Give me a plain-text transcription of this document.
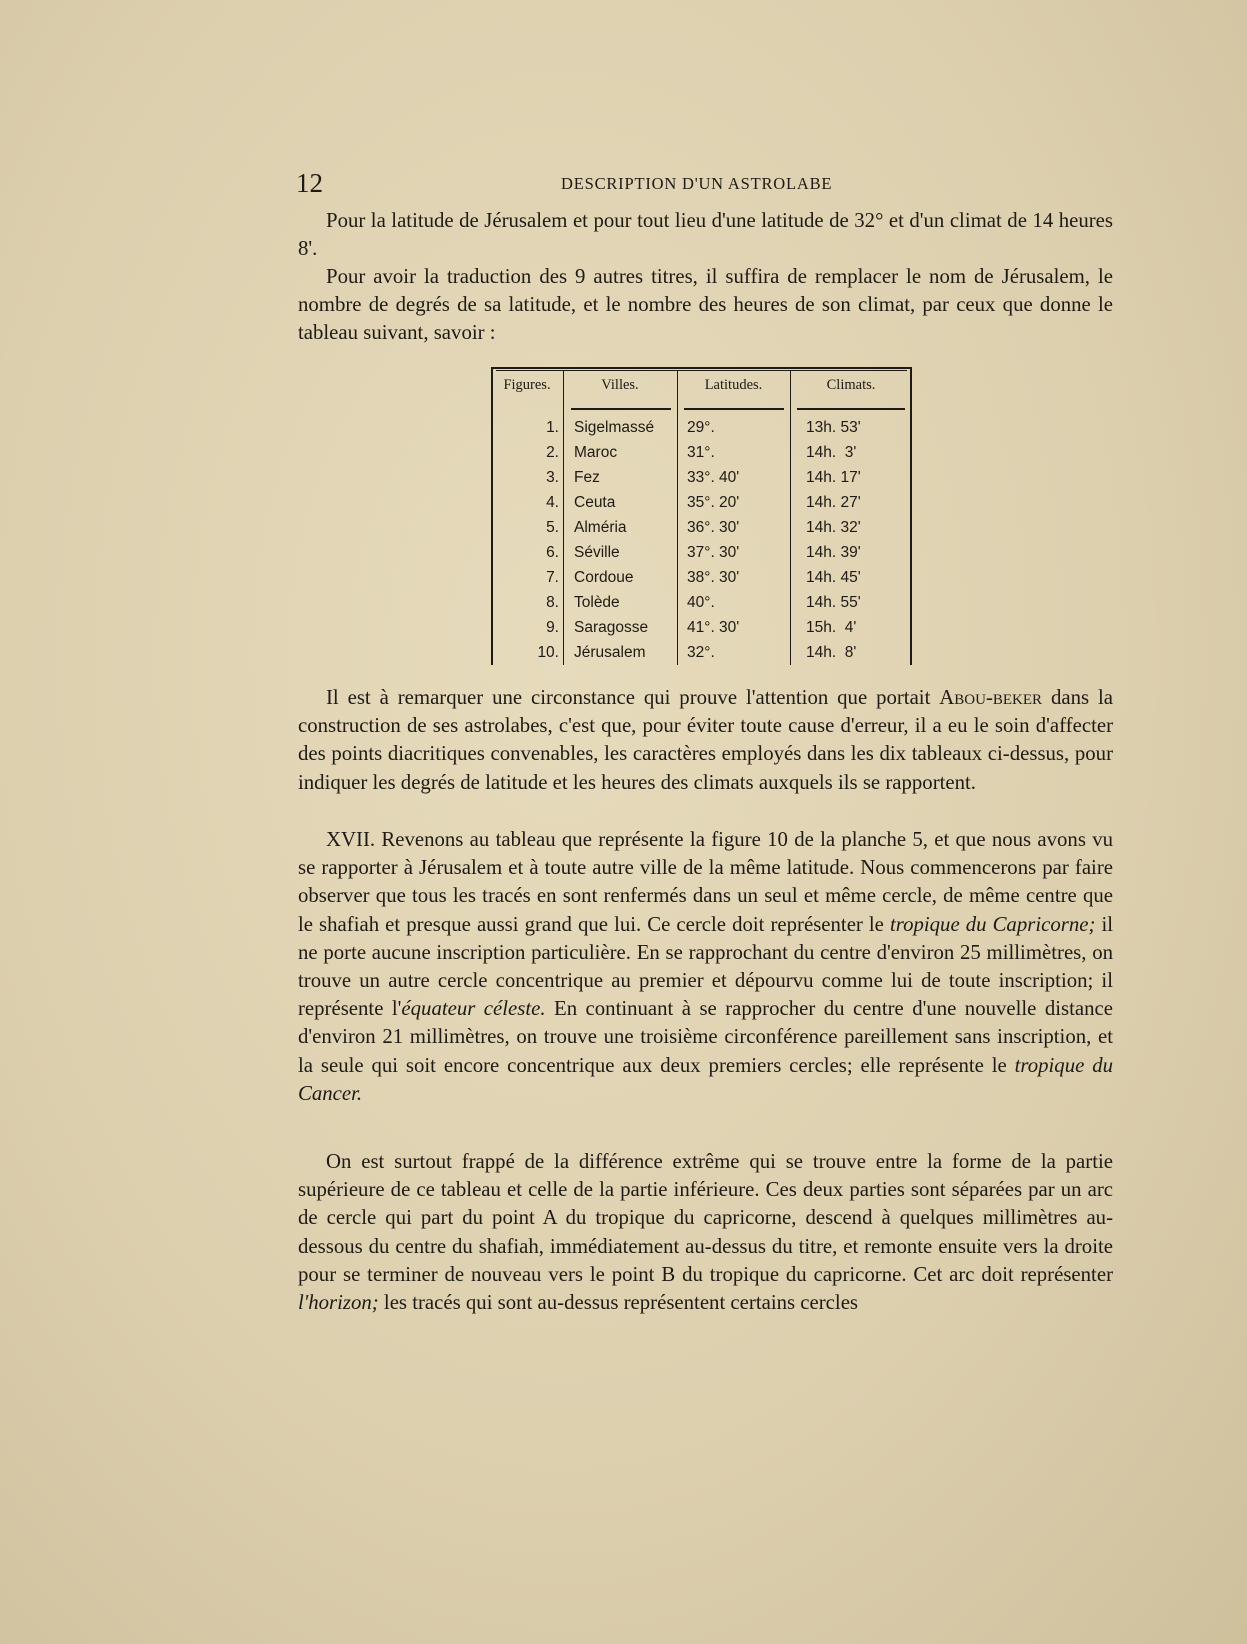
12	DESCRIPTION D'UN ASTROLABE

Pour la latitude de Jérusalem et pour tout lieu d'une latitude de 32° et d'un climat de 14 heures 8'.

Pour avoir la traduction des 9 autres titres, il suffira de remplacer le nom de Jérusalem, le nombre de degrés de sa latitude, et le nombre des heures de son climat, par ceux que donne le tableau suivant, savoir :

Figures.	Villes.	Latitudes.	Climats.
1. Sigelmassé 29°.	13h. 53'
2. Maroc	31°.	14h.  3'
3. Fez	33°. 40'	14h. 17'
4. Ceuta	35°. 20'	14h. 27'
5. Alméria	36°. 30'	14h. 32'
6. Séville	37°. 30'	14h. 39'
7. Cordoue	38°. 30'	14h. 45'
8. Tolède	40°.	14h. 55'
9. Saragosse	41°. 30'	15h.  4'
10. Jérusalem	32°.	14h.  8'

Il est à remarquer une circonstance qui prouve l'attention que portait Abou-beker dans la construction de ses astrolabes, c'est que, pour éviter toute cause d'erreur, il a eu le soin d'affecter des points diacritiques convenables, les caractères employés dans les dix tableaux ci-dessus, pour indiquer les degrés de latitude et les heures des climats auxquels ils se rapportent.

XVII. Revenons au tableau que représente la figure 10 de la planche 5, et que nous avons vu se rapporter à Jérusalem et à toute autre ville de la même latitude. Nous commencerons par faire observer que tous les tracés en sont renfermés dans un seul et même cercle, de même centre que le shafiah et presque aussi grand que lui. Ce cercle doit représenter le tropique du Capricorne; il ne porte aucune inscription particulière. En se rapprochant du centre d'environ 25 millimètres, on trouve un autre cercle concentrique au premier et dépourvu comme lui de toute inscription; il représente l'équateur céleste. En continuant à se rapprocher du centre d'une nouvelle distance d'environ 21 millimètres, on trouve une troisième circonférence pareillement sans inscription, et la seule qui soit encore concentrique aux deux premiers cercles; elle représente le tropique du Cancer.

On est surtout frappé de la différence extrême qui se trouve entre la forme de la partie supérieure de ce tableau et celle de la partie inférieure. Ces deux parties sont séparées par un arc de cercle qui part du point A du tropique du capricorne, descend à quelques millimètres au-dessous du centre du shafiah, immédiatement au-dessus du titre, et remonte ensuite vers la droite pour se terminer de nouveau vers le point B du tropique du capricorne. Cet arc doit représenter l'horizon; les tracés qui sont au-dessus représentent certains cercles
